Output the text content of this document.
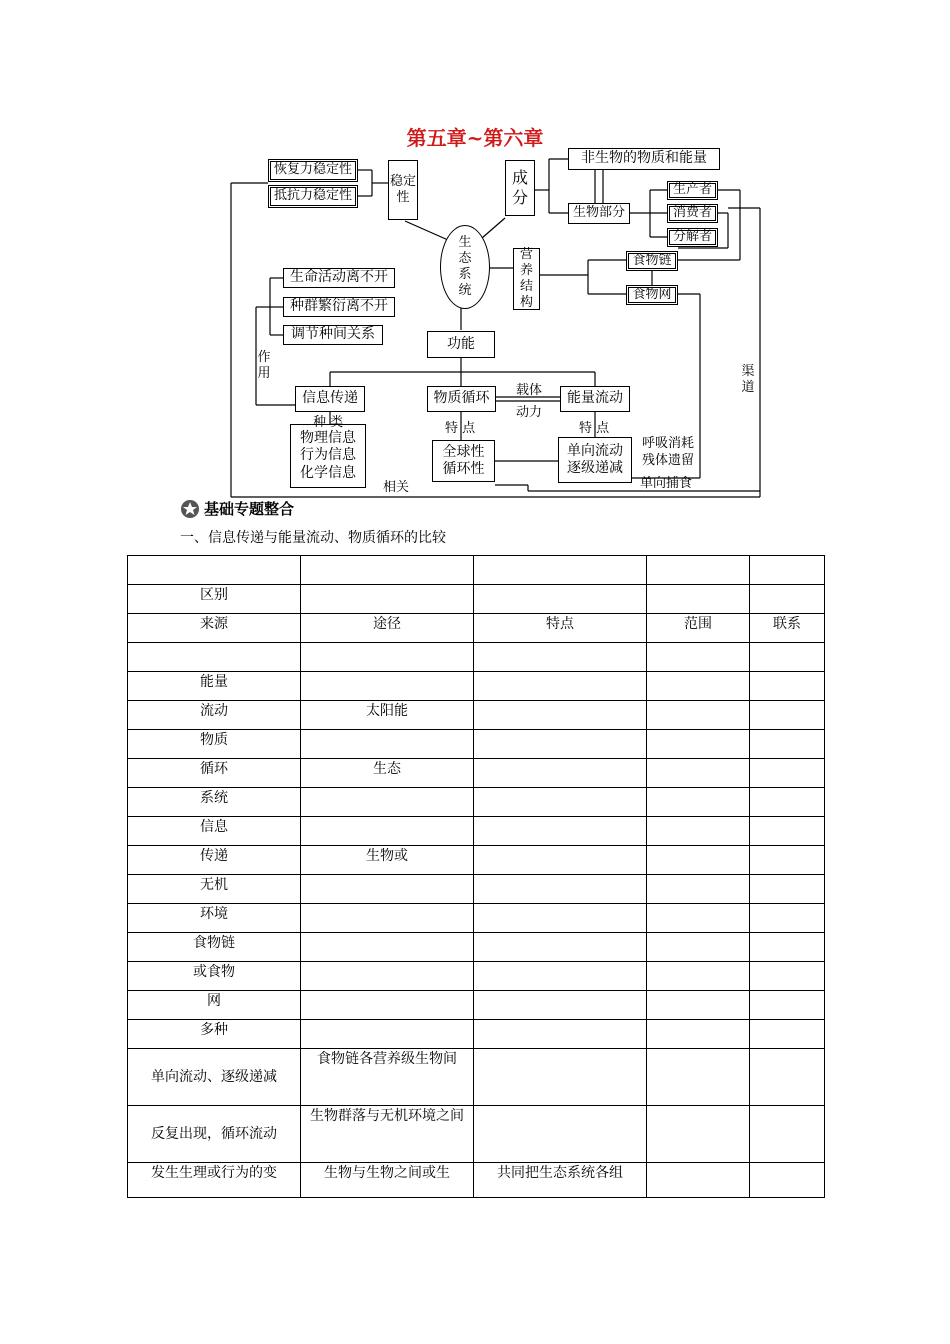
第五章~第六章
恢复力稳定性
抵抗力稳定性
稳定性
成分
非生物的物质和能量
生物部分
生产者
消费者
分解者
生态系统
营养结构
食物链
食物网
生命活动离不开
种群繁衍离不开
调节种间关系
功能
信息传递	物质循环	能量流动
物理信息
行为信息
化学信息
全球性
循环性
单向流动
逐级递减
载体
动力
作用
种 类	特 点	特 点
渠道
呼吸消耗
残体遗留
单向捕食
相关
基础专题整合
一、信息传递与能量流动、物质循环的比较

区别				
来源	途径	特点	范围	联系

能量				
流动	太阳能			
物质				
循环	生态			
系统				
信息				
传递	生物或			
无机				
环境				
食物链				
或食物				
网				
多种				
单向流动、逐级递减	食物链各营养级生物间			
反复出现，循环流动	生物群落与无机环境之间			
发生生理或行为的变	生物与生物之间或生	共同把生态系统各组		
